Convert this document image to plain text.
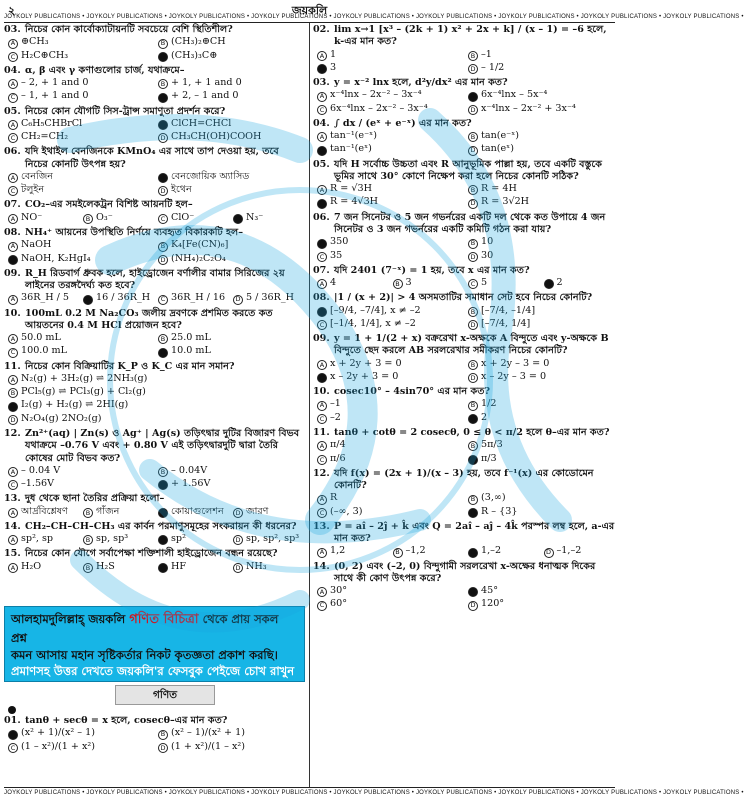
২	জয়কলি
JOYKOLY PUBLICATIONS • JOYKOLY PUBLICATIONS • JOYKOLY PUBLICATIONS • JOYKOLY PUBLICATIONS • JOYKOLY PUBLICATIONS • JOYKOLY PUBLICATIONS • JOYKOLY PUBLICATIONS • JOYKOLY PUBLICATIONS • JOYKOLY PUBLICATIONS •
03. নিচের কোন কার্বোক্যাটায়নটি সবচেয়ে বেশি স্থিতিশীল?
A ⊕CH₃	B (CH₃)₂⊕CH
C H₂C⊕CH₃	D (CH₃)₃C⊕
04. α, β এবং γ কণাগুলোর চার্জ, যথাক্রমে–
A – 2, + 1 and 0	B + 1, + 1 and 0
C – 1, + 1 and 0	D + 2, – 1 and 0
05. নিচের কোন যৌগটি সিস-ট্রান্স সমাণুতা প্রদর্শন করে?
A C₆H₅CHBrCl	B ClCH=CHCl
C CH₂=CH₂	D CH₃CH(OH)COOH
06. যদি ইথাইল বেনজিনকে KMnO₄ এর সাথে তাপ দেওয়া হয়, তবে নিচের কোনটি উৎপন্ন হয়?
A বেনজিন	B বেনজোয়িক অ্যাসিড
C টলুইন	D ইথেন
07. CO₂–এর সমইলেকট্রন বিশিষ্ট আয়নটি হল–
A NO⁻	B O₃⁻	C ClO⁻	D N₃⁻
08. NH₄⁺ আয়নের উপস্থিতি নির্ণয়ে ব্যবহৃত বিকারকটি হল–
A NaOH	B K₄[Fe(CN)₆]
C NaOH, K₂HgI₄	D (NH₄)₂C₂O₄
09. R_H রিডবার্গ ধ্রুবক হলে, হাইড্রোজেন বর্ণালীর বামার সিরিজের ২য় লাইনের তরঙ্গদৈর্ঘ্য কত হবে?
A 36R_H / 5	B 16 / 36R_H	C 36R_H / 16	D 5 / 36R_H
10. 100mL 0.2 M Na₂CO₃ জলীয় দ্রবণকে প্রশমিত করতে কত আয়তনের 0.4 M HCl প্রয়োজন হবে?
A 50.0 mL	B 25.0 mL
C 100.0 mL	D 10.0 mL
11. নিচের কোন বিক্রিয়াটির K_P ও K_C এর মান সমান?
A N₂(g) + 3H₂(g) ⇌ 2NH₃(g)
B PCl₅(g) ⇌ PCl₃(g) + Cl₂(g)
C I₂(g) + H₂(g) ⇌ 2HI(g)
D N₂O₄(g) 2NO₂(g)
12. Zn²⁺(aq) | Zn(s) ও Ag⁺ | Ag(s) তড়িৎদ্বার দুটির বিজারণ বিভব যথাক্রমে –0.76 V এবং + 0.80 V এই তড়িৎদ্বারদুটি দ্বারা তৈরি কোষের মোট বিভব কত?
A – 0.04 V	B – 0.04V
C –1.56V	D + 1.56V
13. দুধ থেকে ছানা তৈরির প্রক্রিয়া হলো–
A আর্দ্রবিশ্লেষণ	B গাঁজন	C কোয়াগুলেশন	D জারণ
14. CH₂–CH–CH–CH₃ এর কার্বন পরমাণুসমূহের সংকরায়ন কী ধরনের?
A sp², sp	B sp, sp³	C sp²	D sp, sp², sp³
15. নিচের কোন যৌগে সর্বাপেক্ষা শক্তিশালী হাইড্রোজেন বন্ধন রয়েছে?
A H₂O	B H₂S	C HF	D NH₃
আলহামদুলিল্লাহ্‌ জয়কলি গণিত বিচিত্রা থেকে প্রায় সকল প্রশ্ন
কমন আসায় মহান সৃষ্টিকর্তার নিকট কৃতজ্ঞতা প্রকাশ করছি।
প্রমাণসহ উত্তর দেখতে জয়কলি'র ফেসবুক পেইজে চোখ রাখুন
গণিত
01. tanθ + secθ = x হলে, cosecθ–এর মান কত?
A (x² + 1)/(x² – 1)	B (x² – 1)/(x² + 1)
C (1 – x²)/(1 + x²)	D (1 + x²)/(1 – x²)
02. lim x→1 [x³ – (2k + 1) x² + 2x + k] / (x – 1) = –6 হলে, k-এর মান কত?
A 1	B –1
C 3	D – 1/2
03. y = x⁻² lnx হলে, d²y/dx² এর মান কত?
A x⁻⁴lnx – 2x⁻² – 3x⁻⁴	B 6x⁻⁴lnx – 5x⁻⁴
C 6x⁻⁴lnx – 2x⁻² – 3x⁻⁴	D x⁻⁴lnx – 2x⁻² + 3x⁻⁴
04. ∫ dx / (eˣ + e⁻ˣ) এর মান কত?
A tan⁻¹(e⁻ˣ)	B tan(e⁻ˣ)
C tan⁻¹(eˣ)	D tan(eˣ)
05. যদি H সর্বোচ্চ উচ্চতা এবং R আনুভূমিক পাল্লা হয়, তবে একটি বস্তুকে ভূমির সাথে 30° কোণে নিক্ষেপ করা হলে নিচের কোনটি সঠিক?
A R = √3H	B R = 4H
C R = 4√3H	D R = 3√2H
06. 7 জন সিনেটর ও 5 জন গভর্নরের একটি দল থেকে কত উপায়ে 4 জন সিনেটর ও 3 জন গভর্নরের একটি কমিটি গঠন করা যায়?
A 350	B 10
C 35	D 30
07. যদি 2401 (7⁻ˣ) = 1 হয়, তবে x এর মান কত?
A 4	B 3	C 5	D 2
08. |1 / (x + 2)| > 4 অসমতাটির সমাধান সেট হবে নিচের কোনটি?
A [–9/4, –7/4], x ≠ –2	B [–7/4, –1/4]
C [–1/4, 1/4], x ≠ –2	D [–7/4, 1/4]
09. y = 1 + 1/(2 + x) বক্ররেখা x-অক্ষকে A বিন্দুতে এবং y-অক্ষকে B বিন্দুতে ছেদ করলে AB সরলরেখার সমীকরণ নিচের কোনটি?
A x + 2y + 3 = 0	B x + 2y – 3 = 0
C x – 2y + 3 = 0	D x – 2y – 3 = 0
10. cosec10° – 4sin70° এর মান কত?
A –1	B 1/2
C –2	D 2
11. tanθ + cotθ = 2 cosecθ, 0 ≤ θ < π/2 হলে θ–এর মান কত?
A π/4	B 5π/3
C π/6	D π/3
12. যদি f(x) = (2x + 1)/(x – 3) হয়, তবে f⁻¹(x) এর কোডোমেন কোনটি?
A R	B (3,∞)
C (–∞, 3)	D R – {3}
13. P = aî – 2ĵ + k̂ এবং Q = 2aî – aĵ – 4k̂ পরস্পর লম্ব হলে, a-এর মান কত?
A 1,2	B –1,2	C 1,–2	D –1,–2
14. (0, 2) এবং (–2, 0) বিন্দুগামী সরলরেখা x-অক্ষের ধনাত্মক দিকের সাথে কী কোণ উৎপন্ন করে?
A 30°	B 45°
C 60°	D 120°
JOYKOLY PUBLICATIONS • JOYKOLY PUBLICATIONS • JOYKOLY PUBLICATIONS • JOYKOLY PUBLICATIONS • JOYKOLY PUBLICATIONS • JOYKOLY PUBLICATIONS • JOYKOLY PUBLICATIONS • JOYKOLY PUBLICATIONS • JOYKOLY PUBLICATIONS •
